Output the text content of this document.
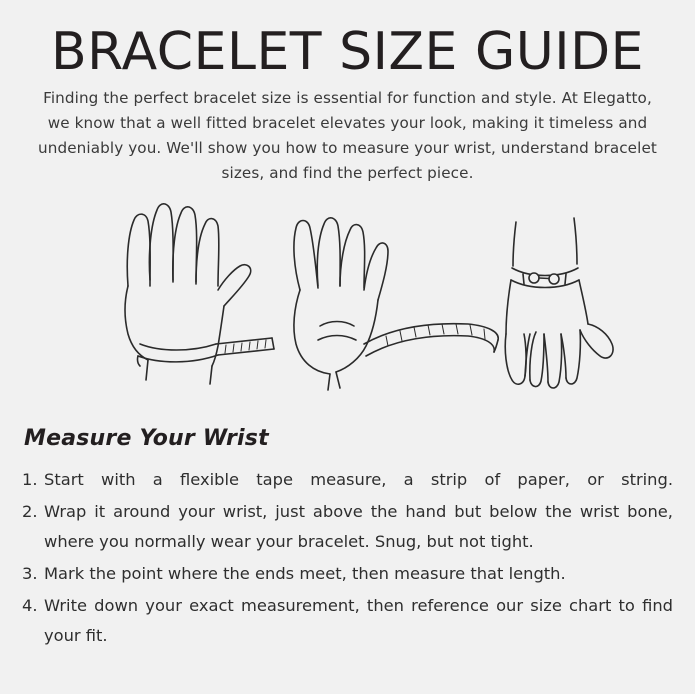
BRACELET SIZE GUIDE

Finding the perfect bracelet size is essential for function and style. At Elegatto, we know that a well fitted bracelet elevates your look, making it timeless and undeniably you. We'll show you how to measure your wrist, understand bracelet sizes, and find the perfect piece.

Measure Your Wrist
1. Start with a flexible tape measure, a strip of paper, or string.
2. Wrap it around your wrist, just above the hand but below the wrist bone, where you normally wear your bracelet. Snug, but not tight.
3. Mark the point where the ends meet, then measure that length.
4. Write down your exact measurement, then reference our size chart to find your fit.
